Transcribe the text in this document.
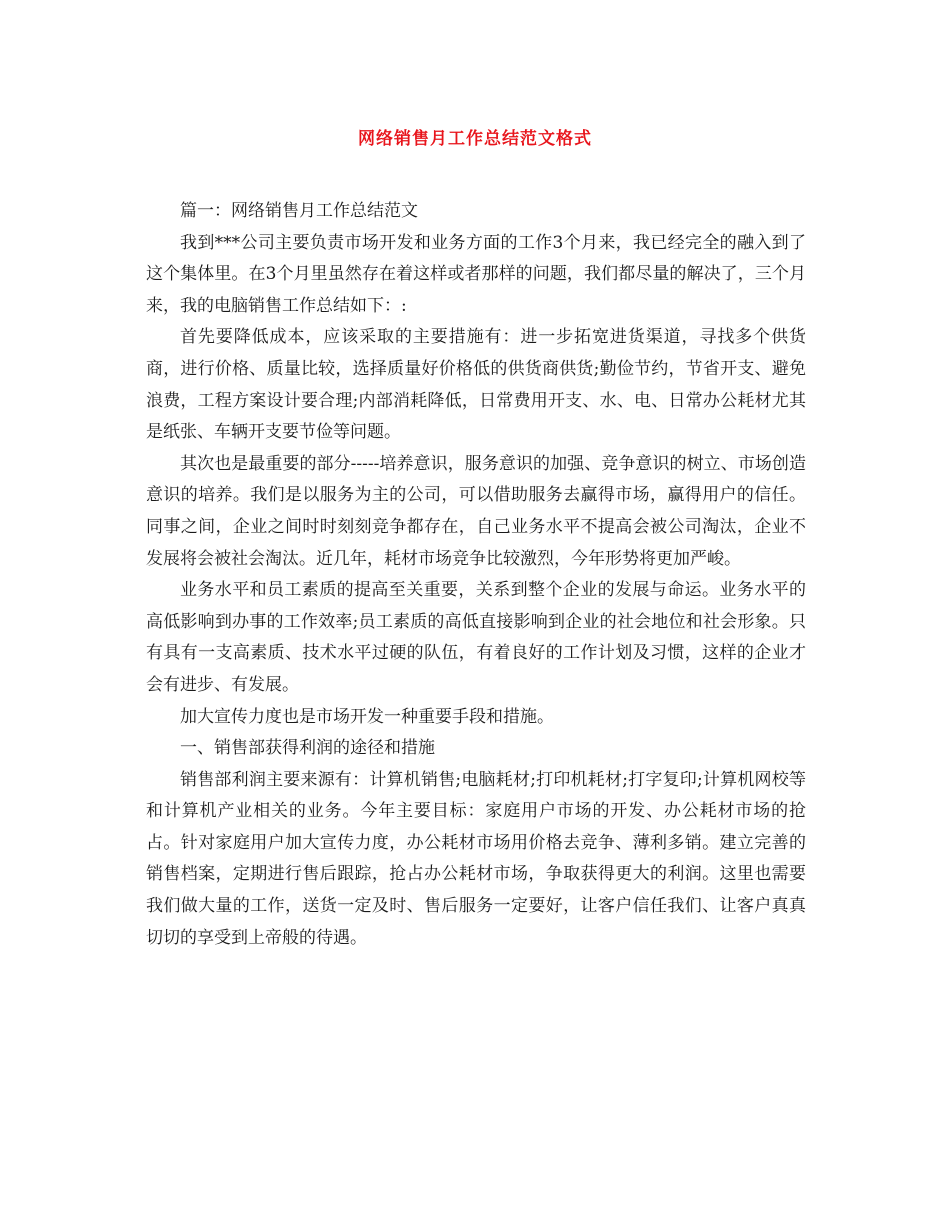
网络销售月工作总结范文格式

篇一：网络销售月工作总结范文

我到***公司主要负责市场开发和业务方面的工作3个月来，我已经完全的融入到了这个集体里。在3个月里虽然存在着这样或者那样的问题，我们都尽量的解决了，三个月来，我的电脑销售工作总结如下：:

首先要降低成本，应该采取的主要措施有：进一步拓宽进货渠道，寻找多个供货商，进行价格、质量比较，选择质量好价格低的供货商供货;勤俭节约，节省开支、避免浪费，工程方案设计要合理;内部消耗降低，日常费用开支、水、电、日常办公耗材尤其是纸张、车辆开支要节俭等问题。

其次也是最重要的部分-----培养意识，服务意识的加强、竞争意识的树立、市场创造意识的培养。我们是以服务为主的公司，可以借助服务去赢得市场，赢得用户的信任。同事之间，企业之间时时刻刻竞争都存在，自己业务水平不提高会被公司淘汰，企业不发展将会被社会淘汰。近几年，耗材市场竞争比较激烈，今年形势将更加严峻。

业务水平和员工素质的提高至关重要，关系到整个企业的发展与命运。业务水平的高低影响到办事的工作效率;员工素质的高低直接影响到企业的社会地位和社会形象。只有具有一支高素质、技术水平过硬的队伍，有着良好的工作计划及习惯，这样的企业才会有进步、有发展。

加大宣传力度也是市场开发一种重要手段和措施。

一、销售部获得利润的途径和措施

销售部利润主要来源有：计算机销售;电脑耗材;打印机耗材;打字复印;计算机网校等和计算机产业相关的业务。今年主要目标：家庭用户市场的开发、办公耗材市场的抢占。针对家庭用户加大宣传力度，办公耗材市场用价格去竞争、薄利多销。建立完善的销售档案，定期进行售后跟踪，抢占办公耗材市场，争取获得更大的利润。这里也需要我们做大量的工作，送货一定及时、售后服务一定要好，让客户信任我们、让客户真真切切的享受到上帝般的待遇。
